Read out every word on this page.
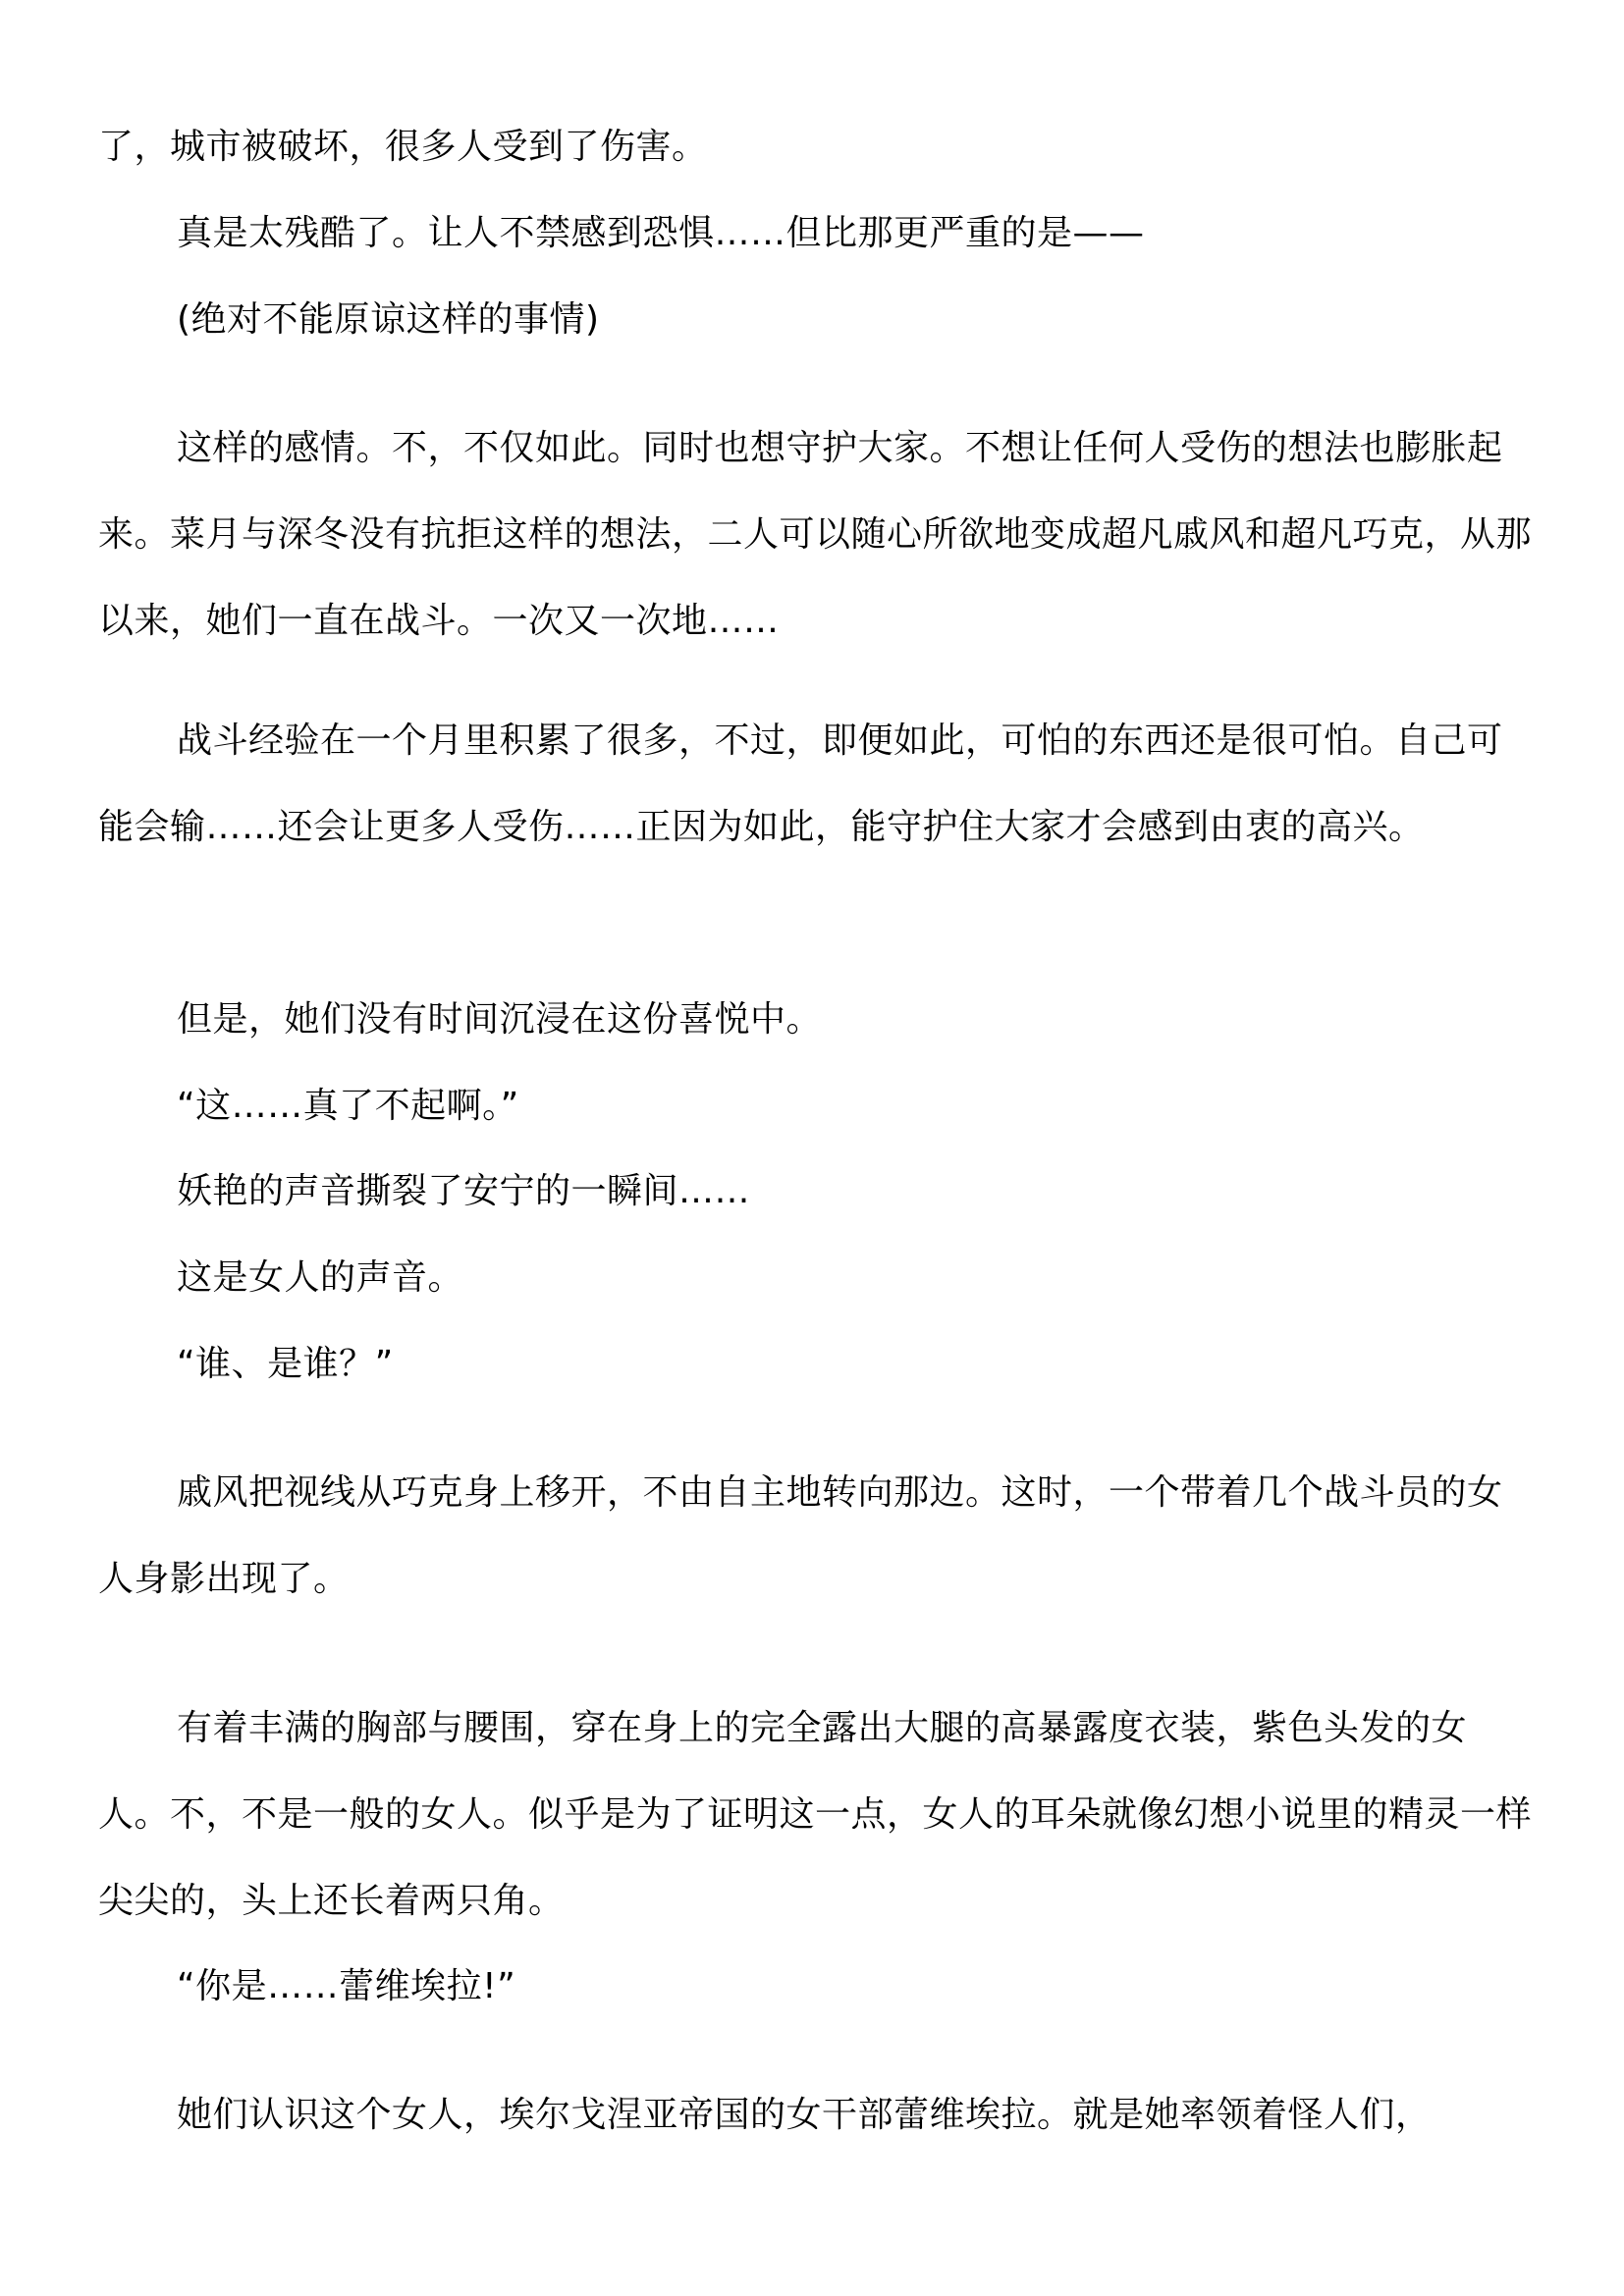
了，城市被破坏，很多人受到了伤害。

真是太残酷了。让人不禁感到恐惧……但比那更严重的是——

(绝对不能原谅这样的事情)

这样的感情。不，不仅如此。同时也想守护大家。不想让任何人受伤的想法也膨胀起来。菜月与深冬没有抗拒这样的想法，二人可以随心所欲地变成超凡戚风和超凡巧克，从那以来，她们一直在战斗。一次又一次地……

战斗经验在一个月里积累了很多，不过，即便如此，可怕的东西还是很可怕。自己可能会输……还会让更多人受伤……正因为如此，能守护住大家才会感到由衷的高兴。

但是，她们没有时间沉浸在这份喜悦中。

“这……真了不起啊。”

妖艳的声音撕裂了安宁的一瞬间……

这是女人的声音。

“谁、是谁？”

戚风把视线从巧克身上移开，不由自主地转向那边。这时，一个带着几个战斗员的女人身影出现了。

有着丰满的胸部与腰围，穿在身上的完全露出大腿的高暴露度衣装，紫色头发的女人。不，不是一般的女人。似乎是为了证明这一点，女人的耳朵就像幻想小说里的精灵一样尖尖的，头上还长着两只角。

“你是……蕾维埃拉!”

她们认识这个女人，埃尔戈涅亚帝国的女干部蕾维埃拉。就是她率领着怪人们，
